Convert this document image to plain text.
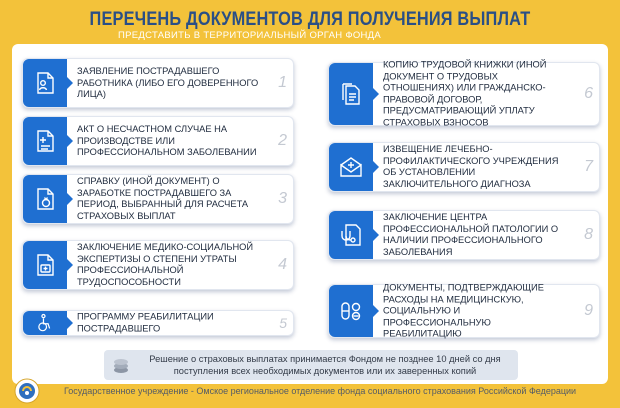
ПЕРЕЧЕНЬ ДОКУМЕНТОВ ДЛЯ ПОЛУЧЕНИЯ ВЫПЛАТ
ПРЕДСТАВИТЬ В ТЕРРИТОРИАЛЬНЫЙ ОРГАН ФОНДА
ЗАЯВЛЕНИЕ ПОСТРАДАВШЕГО РАБОТНИКА (ЛИБО ЕГО ДОВЕРЕННОГО ЛИЦА)
1
АКТ О НЕСЧАСТНОМ СЛУЧАЕ НА ПРОИЗВОДСТВЕ ИЛИ ПРОФЕССИОНАЛЬНОМ ЗАБОЛЕВАНИИ
2
СПРАВКУ (ИНОЙ ДОКУМЕНТ) О ЗАРАБОТКЕ ПОСТРАДАВШЕГО ЗА ПЕРИОД, ВЫБРАННЫЙ ДЛЯ РАСЧЕТА СТРАХОВЫХ ВЫПЛАТ
3
ЗАКЛЮЧЕНИЕ МЕДИКО-СОЦИАЛЬНОЙ ЭКСПЕРТИЗЫ О СТЕПЕНИ УТРАТЫ ПРОФЕССИОНАЛЬНОЙ ТРУДОСПОСОБНОСТИ
4
ПРОГРАММУ РЕАБИЛИТАЦИИ ПОСТРАДАВШЕГО	5
КОПИЮ ТРУДОВОЙ КНИЖКИ (ИНОЙ ДОКУМЕНТ О ТРУДОВЫХ ОТНОШЕНИЯХ) ИЛИ ГРАЖДАНСКО-ПРАВОВОЙ ДОГОВОР, ПРЕДУСМАТРИВАЮЩИЙ УПЛАТУ СТРАХОВЫХ ВЗНОСОВ
6
ИЗВЕЩЕНИЕ ЛЕЧЕБНО-ПРОФИЛАКТИЧЕСКОГО УЧРЕЖДЕНИЯ ОБ УСТАНОВЛЕНИИ ЗАКЛЮЧИТЕЛЬНОГО ДИАГНОЗА
7
ЗАКЛЮЧЕНИЕ ЦЕНТРА ПРОФЕССИОНАЛЬНОЙ ПАТОЛОГИИ О НАЛИЧИИ ПРОФЕССИОНАЛЬНОГО ЗАБОЛЕВАНИЯ
8
ДОКУМЕНТЫ, ПОДТВЕРЖДАЮЩИЕ РАСХОДЫ НА МЕДИЦИНСКУЮ, СОЦИАЛЬНУЮ И ПРОФЕССИОНАЛЬНУЮ РЕАБИЛИТАЦИЮ
9
Решение о страховых выплатах принимается Фондом не позднее 10 дней со дня поступления всех необходимых документов или их заверенных копий
Государственное учреждение - Омское региональное отделение фонда социального страхования Российской Федерации
